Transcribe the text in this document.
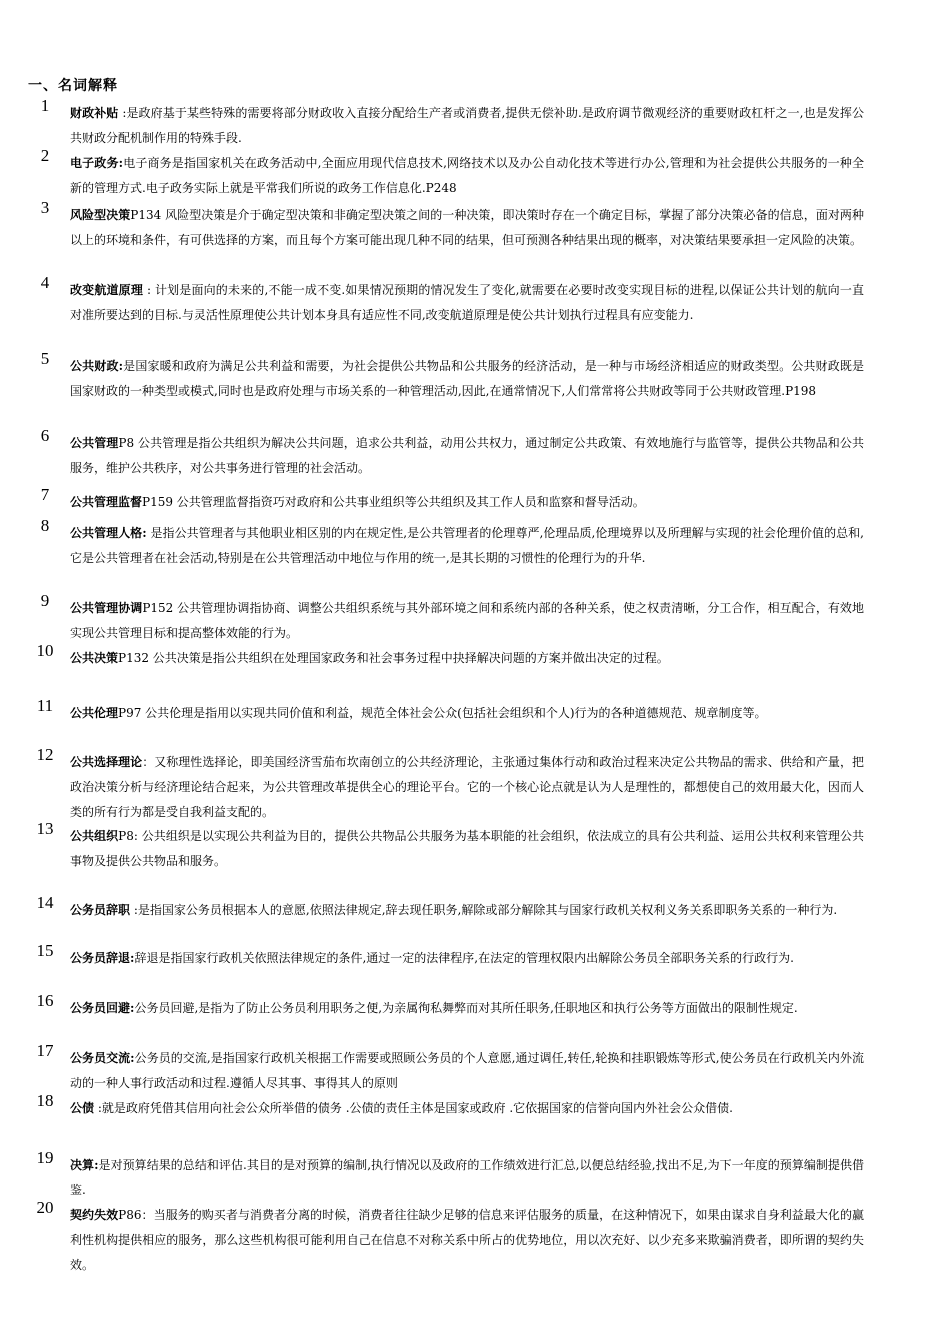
一、名词解释
1	财政补贴 :是政府基于某些特殊的需要将部分财政收入直接分配给生产者或消费者,提供无偿补助.是政府调节微观经济的重要财政杠杆之一,也是发挥公共财政分配机制作用的特殊手段.
2	电子政务:电子商务是指国家机关在政务活动中,全面应用现代信息技术,网络技术以及办公自动化技术等进行办公,管理和为社会提供公共服务的一种全新的管理方式.电子政务实际上就是平常我们所说的政务工作信息化.P248
3	风险型决策P134 风险型决策是介于确定型决策和非确定型决策之间的一种决策，即决策时存在一个确定目标，掌握了部分决策必备的信息，面对两种以上的环境和条件，有可供选择的方案，而且每个方案可能出现几种不同的结果，但可预测各种结果出现的概率，对决策结果要承担一定风险的决策。
4	改变航道原理 : 计划是面向的未来的,不能一成不变.如果情况预期的情况发生了变化,就需要在必要时改变实现目标的进程,以保证公共计划的航向一直对准所要达到的目标.与灵活性原理使公共计划本身具有适应性不同,改变航道原理是使公共计划执行过程具有应变能力.
5	公共财政:是国家暖和政府为满足公共利益和需要，为社会提供公共物品和公共服务的经济活动，是一种与市场经济相适应的财政类型。公共财政既是国家财政的一种类型或模式,同时也是政府处理与市场关系的一种管理活动,因此,在通常情况下,人们常常将公共财政等同于公共财政管理.P198
6	公共管理P8 公共管理是指公共组织为解决公共问题，追求公共利益，动用公共权力，通过制定公共政策、有效地施行与监管等，提供公共物品和公共服务，维护公共秩序，对公共事务进行管理的社会活动。
7	公共管理监督P159 公共管理监督指资巧对政府和公共事业组织等公共组织及其工作人员和监察和督导活动。
8	公共管理人格: 是指公共管理者与其他职业相区别的内在规定性,是公共管理者的伦理尊严,伦理品质,伦理境界以及所理解与实现的社会伦理价值的总和,它是公共管理者在社会活动,特别是在公共管理活动中地位与作用的统一,是其长期的习惯性的伦理行为的升华.
9	公共管理协调P152 公共管理协调指协商、调整公共组织系统与其外部环境之间和系统内部的各种关系，使之权责清晰，分工合作，相互配合，有效地实现公共管理目标和提高整体效能的行为。
10	公共决策P132 公共决策是指公共组织在处理国家政务和社会事务过程中抉择解决问题的方案并做出决定的过程。
11	公共伦理P97 公共伦理是指用以实现共同价值和利益，规范全体社会公众(包括社会组织和个人)行为的各种道德规范、规章制度等。
12	公共选择理论：又称理性选择论，即美国经济雪茄布坎南创立的公共经济理论，主张通过集体行动和政治过程来决定公共物品的需求、供给和产量，把政治决策分析与经济理论结合起来，为公共管理改革提供全心的理论平台。它的一个核心论点就是认为人是理性的，都想使自己的效用最大化，因而人类的所有行为都是受自我利益支配的。
13	公共组织P8: 公共组织是以实现公共利益为目的，提供公共物品公共服务为基本职能的社会组织，依法成立的具有公共利益、运用公共权利来管理公共事物及提供公共物品和服务。
14	公务员辞职 :是指国家公务员根据本人的意愿,依照法律规定,辞去现任职务,解除或部分解除其与国家行政机关权利义务关系即职务关系的一种行为.
15	公务员辞退:辞退是指国家行政机关依照法律规定的条件,通过一定的法律程序,在法定的管理权限内出解除公务员全部职务关系的行政行为.
16	公务员回避:公务员回避,是指为了防止公务员利用职务之便,为亲属徇私舞弊而对其所任职务,任职地区和执行公务等方面做出的限制性规定.
17	公务员交流:公务员的交流,是指国家行政机关根据工作需要或照顾公务员的个人意愿,通过调任,转任,轮换和挂职锻炼等形式,使公务员在行政机关内外流动的一种人事行政活动和过程.遵循人尽其事、事得其人的原则
18	公债 :就是政府凭借其信用向社会公众所举借的债务 .公债的责任主体是国家或政府 .它依据国家的信誉向国内外社会公众借债.
19	决算:是对预算结果的总结和评估.其目的是对预算的编制,执行情况以及政府的工作绩效进行汇总,以便总结经验,找出不足,为下一年度的预算编制提供借鉴.
20	契约失效P86：当服务的购买者与消费者分离的时候，消费者往往缺少足够的信息来评估服务的质量，在这种情况下，如果由谋求自身利益最大化的赢利性机构提供相应的服务，那么这些机构很可能利用自己在信息不对称关系中所占的优势地位，用以次充好、以少充多来欺骗消费者，即所谓的契约失效。
